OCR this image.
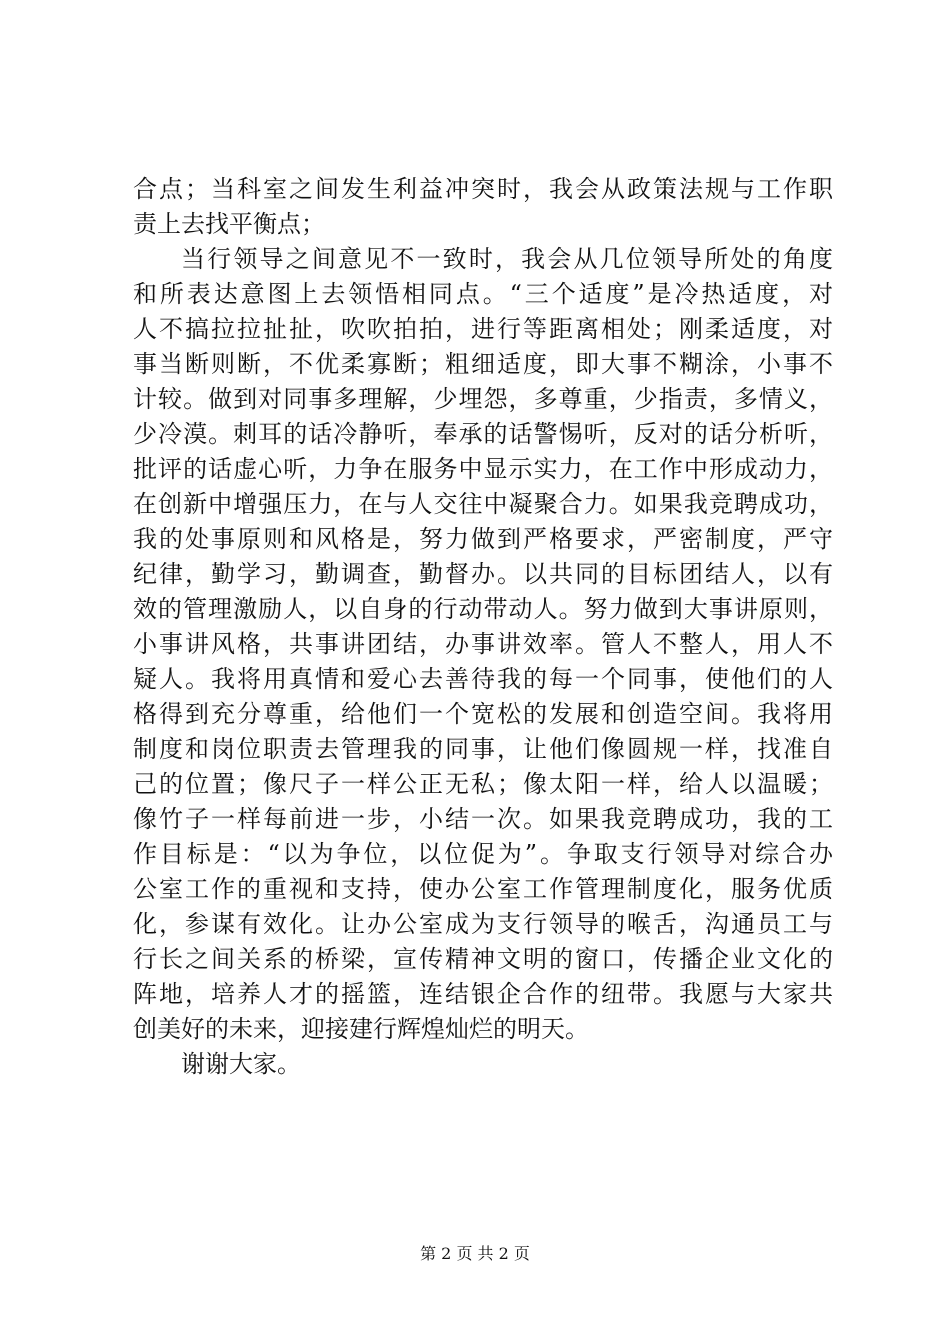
合点；当科室之间发生利益冲突时，我会从政策法规与工作职
责上去找平衡点；
当行领导之间意见不一致时，我会从几位领导所处的角度
和所表达意图上去领悟相同点。“三个适度”是冷热适度，对
人不搞拉拉扯扯，吹吹拍拍，进行等距离相处；刚柔适度，对
事当断则断，不优柔寡断；粗细适度，即大事不糊涂，小事不
计较。做到对同事多理解，少埋怨，多尊重，少指责，多情义，
少冷漠。刺耳的话冷静听，奉承的话警惕听，反对的话分析听，
批评的话虚心听，力争在服务中显示实力，在工作中形成动力，
在创新中增强压力，在与人交往中凝聚合力。如果我竞聘成功，
我的处事原则和风格是，努力做到严格要求，严密制度，严守
纪律，勤学习，勤调查，勤督办。以共同的目标团结人，以有
效的管理激励人，以自身的行动带动人。努力做到大事讲原则，
小事讲风格，共事讲团结，办事讲效率。管人不整人，用人不
疑人。我将用真情和爱心去善待我的每一个同事，使他们的人
格得到充分尊重，给他们一个宽松的发展和创造空间。我将用
制度和岗位职责去管理我的同事，让他们像圆规一样，找准自
己的位置；像尺子一样公正无私；像太阳一样，给人以温暖；
像竹子一样每前进一步，小结一次。如果我竞聘成功，我的工
作目标是：“以为争位，以位促为”。争取支行领导对综合办
公室工作的重视和支持，使办公室工作管理制度化，服务优质
化，参谋有效化。让办公室成为支行领导的喉舌，沟通员工与
行长之间关系的桥梁，宣传精神文明的窗口，传播企业文化的
阵地，培养人才的摇篮，连结银企合作的纽带。我愿与大家共
创美好的未来，迎接建行辉煌灿烂的明天。
谢谢大家。
第 2 页 共 2 页
